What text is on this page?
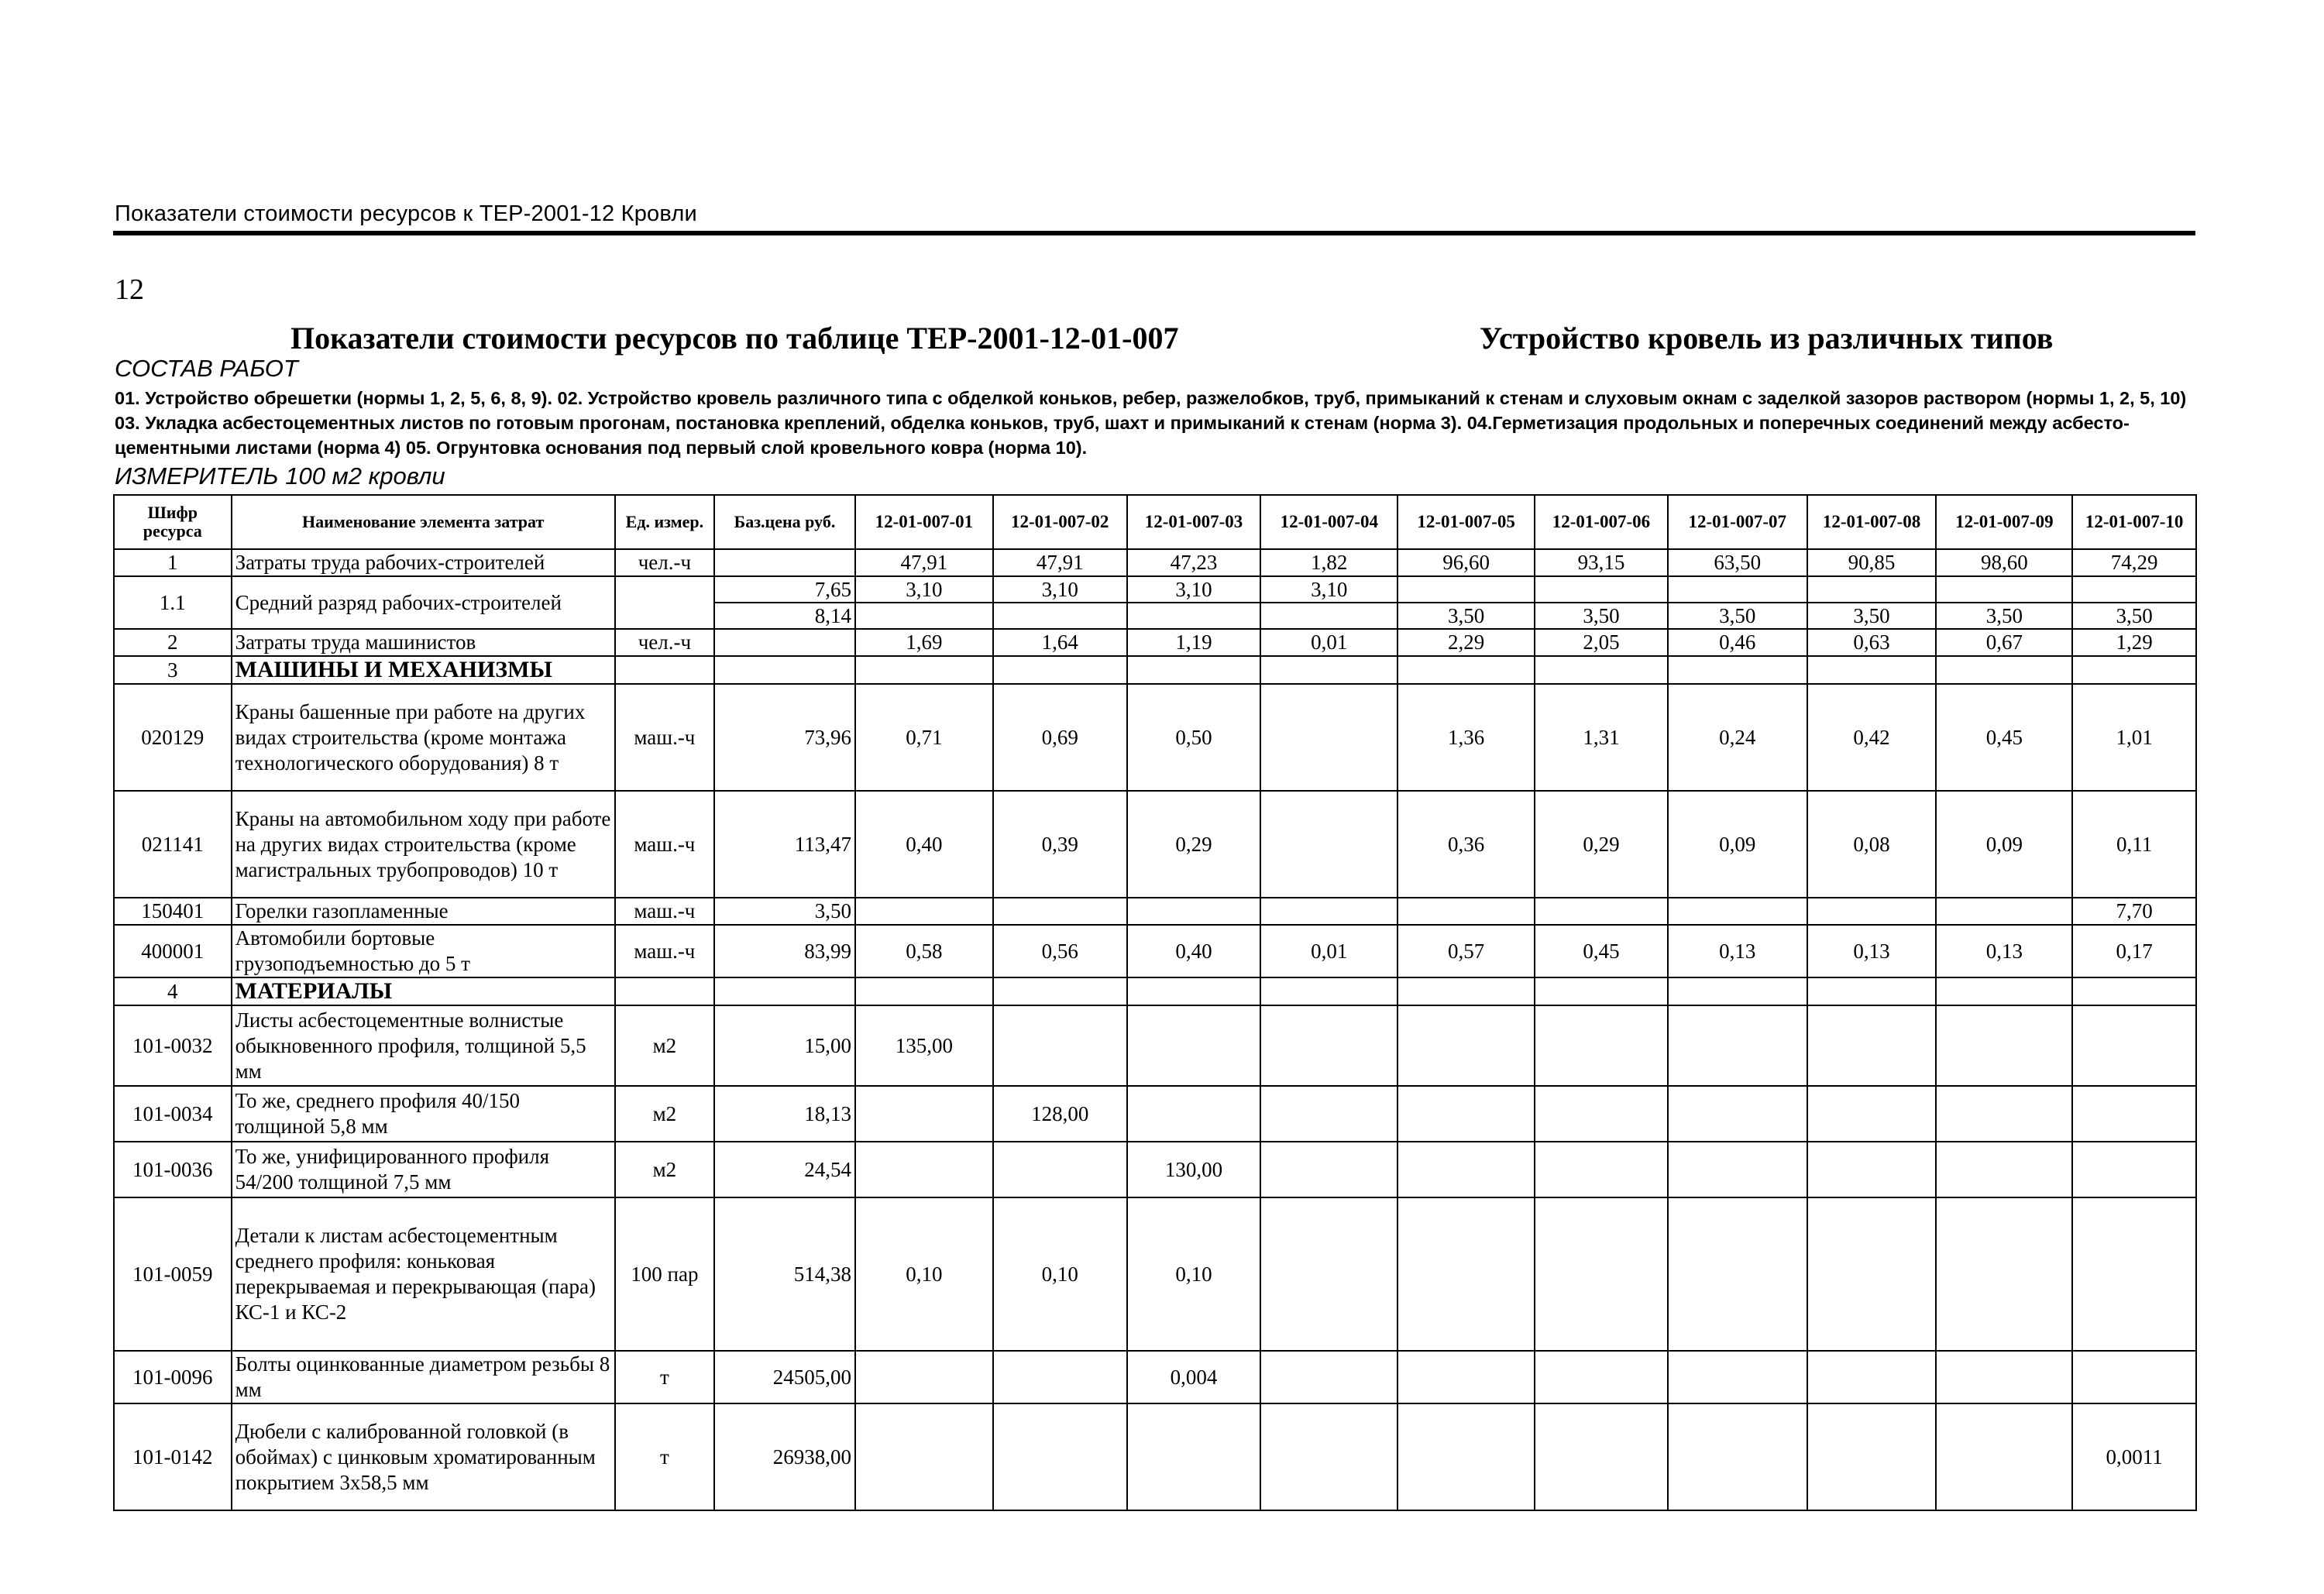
Показатели стоимости ресурсов к ТЕР-2001-12 Кровли
12
Показатели стоимости ресурсов по таблице ТЕР-2001-12-01-007	Устройство кровель из различных типов
СОСТАВ РАБОТ
01. Устройство обрешетки (нормы 1, 2, 5, 6, 8, 9). 02. Устройство кровель различного типа с обделкой коньков, ребер, разжелобков, труб, примыканий к стенам и слуховым окнам с заделкой зазоров раствором (нормы 1, 2, 5, 10) 03. Укладка асбестоцементных листов по готовым прогонам, постановка креплений, обделка коньков, труб, шахт и примыканий к стенам (норма 3). 04.Герметизация продольных и поперечных соединений между асбесто-цементными листами (норма 4) 05. Огрунтовка основания под первый слой кровельного ковра (норма 10).
ИЗМЕРИТЕЛЬ 100 м2 кровли
Шифр ресурса	Наименование элемента затрат	Ед. измер.	Баз.цена руб.	12-01-007-01	12-01-007-02	12-01-007-03	12-01-007-04	12-01-007-05	12-01-007-06	12-01-007-07	12-01-007-08	12-01-007-09	12-01-007-10
1	Затраты труда рабочих-строителей	чел.-ч		47,91	47,91	47,23	1,82	96,60	93,15	63,50	90,85	98,60	74,29
1.1	Средний разряд рабочих-строителей		7,65	3,10	3,10	3,10	3,10						
			8,14					3,50	3,50	3,50	3,50	3,50	3,50
2	Затраты труда машинистов	чел.-ч		1,69	1,64	1,19	0,01	2,29	2,05	0,46	0,63	0,67	1,29
3	МАШИНЫ И МЕХАНИЗМЫ												
020129	Краны башенные при работе на других видах строительства (кроме монтажа технологического оборудования) 8 т	маш.-ч	73,96	0,71	0,69	0,50		1,36	1,31	0,24	0,42	0,45	1,01
021141	Краны на автомобильном ходу при работе на других видах строительства (кроме магистральных трубопроводов) 10 т	маш.-ч	113,47	0,40	0,39	0,29		0,36	0,29	0,09	0,08	0,09	0,11
150401	Горелки газопламенные	маш.-ч	3,50										7,70
400001	Автомобили бортовые грузоподъемностью до 5 т	маш.-ч	83,99	0,58	0,56	0,40	0,01	0,57	0,45	0,13	0,13	0,13	0,17
4	МАТЕРИАЛЫ												
101-0032	Листы асбестоцементные волнистые обыкновенного профиля, толщиной 5,5 мм	м2	15,00	135,00									
101-0034	То же, среднего профиля 40/150 толщиной 5,8 мм	м2	18,13		128,00								
101-0036	То же, унифицированного профиля 54/200 толщиной 7,5 мм	м2	24,54			130,00							
101-0059	Детали к листам асбестоцементным среднего профиля: коньковая перекрываемая и перекрывающая (пара) КС-1 и КС-2	100 пар	514,38	0,10	0,10	0,10							
101-0096	Болты оцинкованные диаметром резьбы 8 мм	т	24505,00			0,004							
101-0142	Дюбели с калиброванной головкой (в обоймах) с цинковым хроматированным покрытием 3х58,5 мм	т	26938,00										0,0011
